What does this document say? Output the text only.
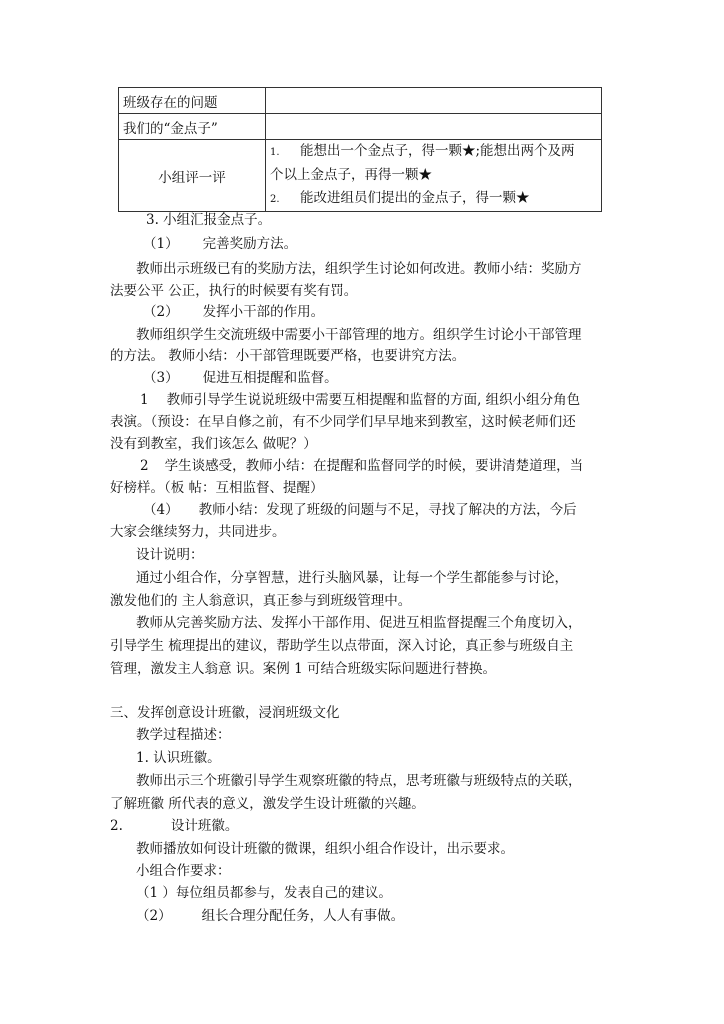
班级存在的问题	
我们的“金点子”	
小组评一评	1. 能想出一个金点子，得一颗★;能想出两个及两
个以上金点子，再得一颗★
2. 能改进组员们提出的金点子，得一颗★
3. 小组汇报金点子。
（1） 完善奖励方法。
教师出示班级已有的奖励方法，组织学生讨论如何改进。教师小结：奖励方
法要公平 公正，执行的时候要有奖有罚。
（2） 发挥小干部的作用。
教师组织学生交流班级中需要小干部管理的地方。组织学生讨论小干部管理
的方法。 教师小结：小干部管理既要严格，也要讲究方法。
（3） 促进互相提醒和监督。
1 教师引导学生说说班级中需要互相提醒和监督的方面, 组织小组分角色
表演。（预设：在早自修之前，有不少同学们早早地来到教室，这时候老师们还
没有到教室，我们该怎么 做呢？）
2 学生谈感受，教师小结：在提醒和监督同学的时候，要讲清楚道理，当
好榜样。（板 帖：互相监督、提醒）
（4） 教师小结：发现了班级的问题与不足，寻找了解决的方法，今后
大家会继续努力，共同进步。
设计说明：
通过小组合作，分享智慧，进行头脑风暴，让每一个学生都能参与讨论，
激发他们的 主人翁意识，真正参与到班级管理中。
教师从完善奖励方法、发挥小干部作用、促进互相监督提醒三个角度切入，
引导学生 梳理提出的建议，帮助学生以点带面，深入讨论，真正参与班级自主
管理，激发主人翁意 识。案例 1 可结合班级实际问题进行替换。
三、发挥创意设计班徽，浸润班级文化
教学过程描述：
1. 认识班徽。
教师出示三个班徽引导学生观察班徽的特点，思考班徽与班级特点的关联，
了解班徽 所代表的意义，激发学生设计班徽的兴趣。
2.	设计班徽。
教师播放如何设计班徽的微课，组织小组合作设计，出示要求。
小组合作要求：
（1 ）每位组员都参与，发表自己的建议。
（2） 组长合理分配任务，人人有事做。
